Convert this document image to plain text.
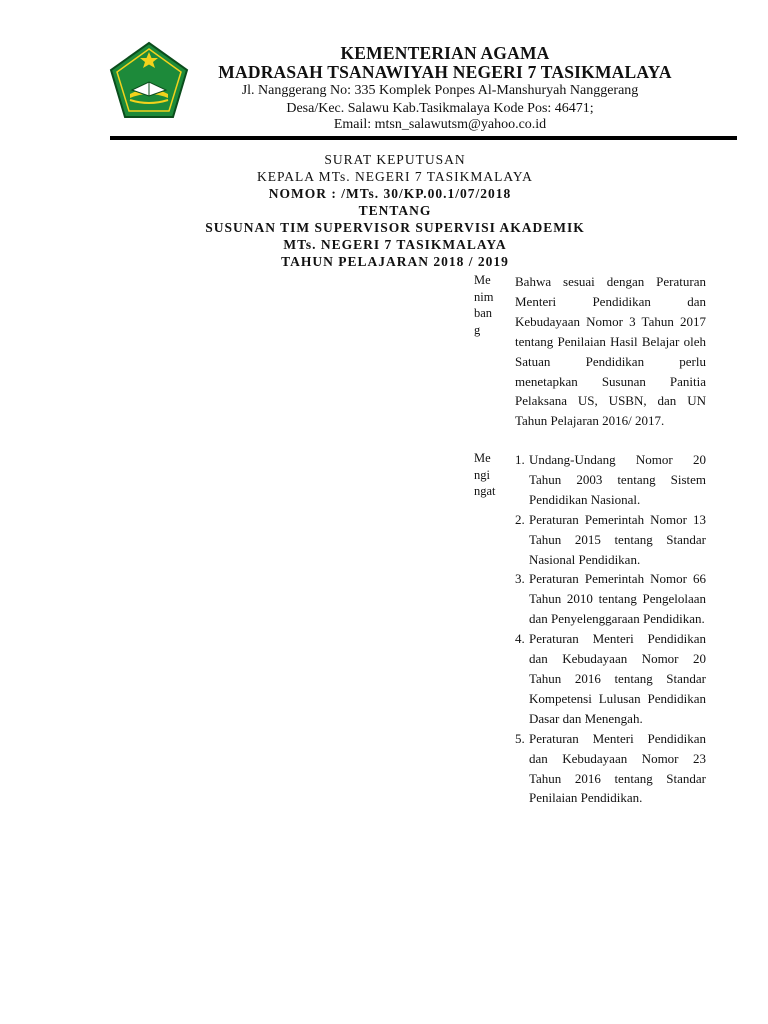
KEMENTERIAN AGAMA
MADRASAH TSANAWIYAH NEGERI 7 TASIKMALAYA
Jl. Nanggerang No: 335 Komplek Ponpes Al-Manshuryah Nanggerang
Desa/Kec. Salawu Kab.Tasikmalaya Kode Pos: 46471;
Email: mtsn_salawutsm@yahoo.co.id
SURAT KEPUTUSAN
KEPALA MTs. NEGERI 7 TASIKMALAYA
NOMOR : /MTs. 30/KP.00.1/07/2018
TENTANG
SUSUNAN TIM SUPERVISOR SUPERVISI AKADEMIK
MTs. NEGERI 7 TASIKMALAYA
TAHUN PELAJARAN 2018 / 2019
Menimbang

Bahwa sesuai dengan Peraturan Menteri Pendidikan dan Kebudayaan Nomor 3 Tahun 2017 tentang Penilaian Hasil Belajar oleh Satuan Pendidikan perlu menetapkan Susunan Panitia Pelaksana US, USBN, dan UN Tahun Pelajaran 2016/ 2017.

Mengingat
1. Undang-Undang Nomor 20 Tahun 2003 tentang Sistem Pendidikan Nasional.
2. Peraturan Pemerintah Nomor 13 Tahun 2015 tentang Standar Nasional Pendidikan.
3. Peraturan Pemerintah Nomor 66 Tahun 2010 tentang Pengelolaan dan Penyelenggaraan Pendidikan.
4. Peraturan Menteri Pendidikan dan Kebudayaan Nomor 20 Tahun 2016 tentang Standar Kompetensi Lulusan Pendidikan Dasar dan Menengah.
5. Peraturan Menteri Pendidikan dan Kebudayaan Nomor 23 Tahun 2016 tentang Standar Penilaian Pendidikan.
